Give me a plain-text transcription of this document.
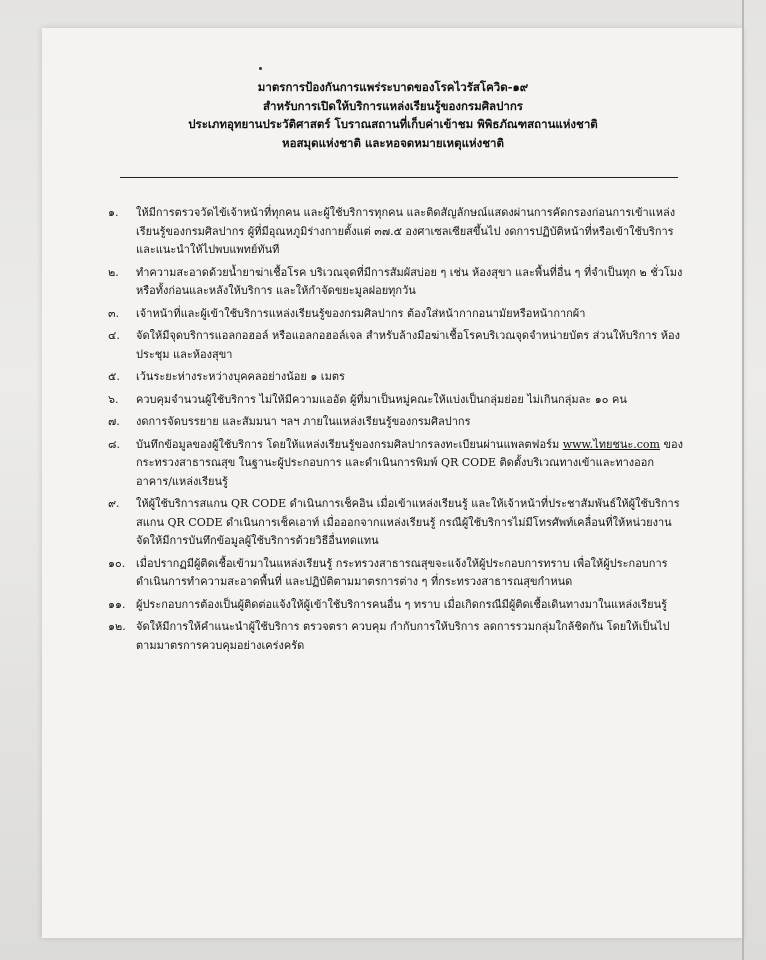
มาตรการป้องกันการแพร่ระบาดของโรคไวรัสโควิด-๑๙
สำหรับการเปิดให้บริการแหล่งเรียนรู้ของกรมศิลปากร
ประเภทอุทยานประวัติศาสตร์ โบราณสถานที่เก็บค่าเข้าชม พิพิธภัณฑสถานแห่งชาติ
หอสมุดแห่งชาติ และหอจดหมายเหตุแห่งชาติ
๑. ให้มีการตรวจวัดไข้เจ้าหน้าที่ทุกคน และผู้ใช้บริการทุกคน และติดสัญลักษณ์แสดงผ่านการคัดกรองก่อนการเข้าแหล่งเรียนรู้ของกรมศิลปากร ผู้ที่มีอุณหภูมิร่างกายตั้งแต่ ๓๗.๕ องศาเซลเซียสขึ้นไป งดการปฏิบัติหน้าที่หรือเข้าใช้บริการ และแนะนำให้ไปพบแพทย์ทันที
๒. ทำความสะอาดด้วยน้ำยาฆ่าเชื้อโรค บริเวณจุดที่มีการสัมผัสบ่อย ๆ เช่น ห้องสุขา และพื้นที่อื่น ๆ ที่จำเป็นทุก ๒ ชั่วโมง หรือทั้งก่อนและหลังให้บริการ และให้กำจัดขยะมูลฝอยทุกวัน
๓. เจ้าหน้าที่และผู้เข้าใช้บริการแหล่งเรียนรู้ของกรมศิลปากร ต้องใส่หน้ากากอนามัยหรือหน้ากากผ้า
๔. จัดให้มีจุดบริการแอลกอฮอล์ หรือแอลกอฮอล์เจล สำหรับล้างมือฆ่าเชื้อโรคบริเวณจุดจำหน่ายบัตร ส่วนให้บริการ ห้องประชุม และห้องสุขา
๕. เว้นระยะห่างระหว่างบุคคลอย่างน้อย ๑ เมตร
๖. ควบคุมจำนวนผู้ใช้บริการ ไม่ให้มีความแออัด ผู้ที่มาเป็นหมู่คณะให้แบ่งเป็นกลุ่มย่อย ไม่เกินกลุ่มละ ๑๐ คน
๗. งดการจัดบรรยาย และสัมมนา ฯลฯ ภายในแหล่งเรียนรู้ของกรมศิลปากร
๘. บันทึกข้อมูลของผู้ใช้บริการ โดยให้แหล่งเรียนรู้ของกรมศิลปากรลงทะเบียนผ่านแพลตฟอร์ม www.ไทยชนะ.com ของกระทรวงสาธารณสุข ในฐานะผู้ประกอบการ และดำเนินการพิมพ์ QR CODE ติดตั้งบริเวณทางเข้าและทางออก อาคาร/แหล่งเรียนรู้
๙. ให้ผู้ใช้บริการสแกน QR CODE ดำเนินการเช็คอิน เมื่อเข้าแหล่งเรียนรู้ และให้เจ้าหน้าที่ประชาสัมพันธ์ให้ผู้ใช้บริการสแกน QR CODE ดำเนินการเช็คเอาท์ เมื่อออกจากแหล่งเรียนรู้ กรณีผู้ใช้บริการไม่มีโทรศัพท์เคลื่อนที่ให้หน่วยงานจัดให้มีการบันทึกข้อมูลผู้ใช้บริการด้วยวิธีอื่นทดแทน
๑๐. เมื่อปรากฏมีผู้ติดเชื้อเข้ามาในแหล่งเรียนรู้ กระทรวงสาธารณสุขจะแจ้งให้ผู้ประกอบการทราบ เพื่อให้ผู้ประกอบการดำเนินการทำความสะอาดพื้นที่ และปฏิบัติตามมาตรการต่าง ๆ ที่กระทรวงสาธารณสุขกำหนด
๑๑. ผู้ประกอบการต้องเป็นผู้ติดต่อแจ้งให้ผู้เข้าใช้บริการคนอื่น ๆ ทราบ เมื่อเกิดกรณีมีผู้ติดเชื้อเดินทางมาในแหล่งเรียนรู้
๑๒. จัดให้มีการให้คำแนะนำผู้ใช้บริการ ตรวจตรา ควบคุม กำกับการให้บริการ ลดการรวมกลุ่มใกล้ชิดกัน โดยให้เป็นไปตามมาตรการควบคุมอย่างเคร่งครัด
